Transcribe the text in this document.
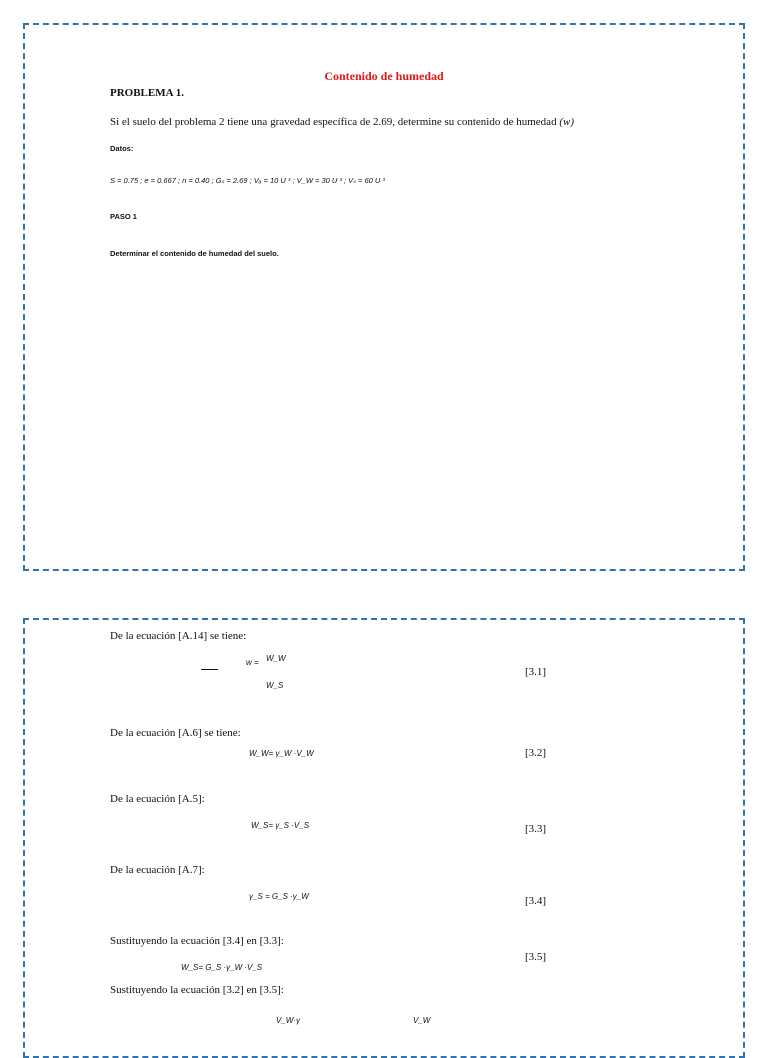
Contenido de humedad
PROBLEMA 1.
Si el suelo del problema 2 tiene una gravedad específica de 2.69, determine su contenido de humedad (w)
Datos:
S = 0.75 ; e = 0.667 ; n = 0.40 ; Gₛ = 2.69 ; Vₐ = 10 U ³ ; V_W = 30 U ³ ; Vₛ = 60 U ³
PASO 1
Determinar el contenido de humedad del suelo.
De la ecuación [A.14] se tiene:
w = W_W
W_S
[3.1]
De la ecuación [A.6] se tiene:
W_W= γ_W ·V_W	[3.2]
De la ecuación [A.5]:
W_S= γ_S ·V_S	[3.3]
De la ecuación [A.7]:
γ_S = G_S ·γ_W	[3.4]
Sustituyendo la ecuación [3.4] en [3.3]:
[3.5]
W_S= G_S ·γ_W ·V_S
Sustituyendo la ecuación [3.2] en [3.5]:
V_W·γ	V_W
